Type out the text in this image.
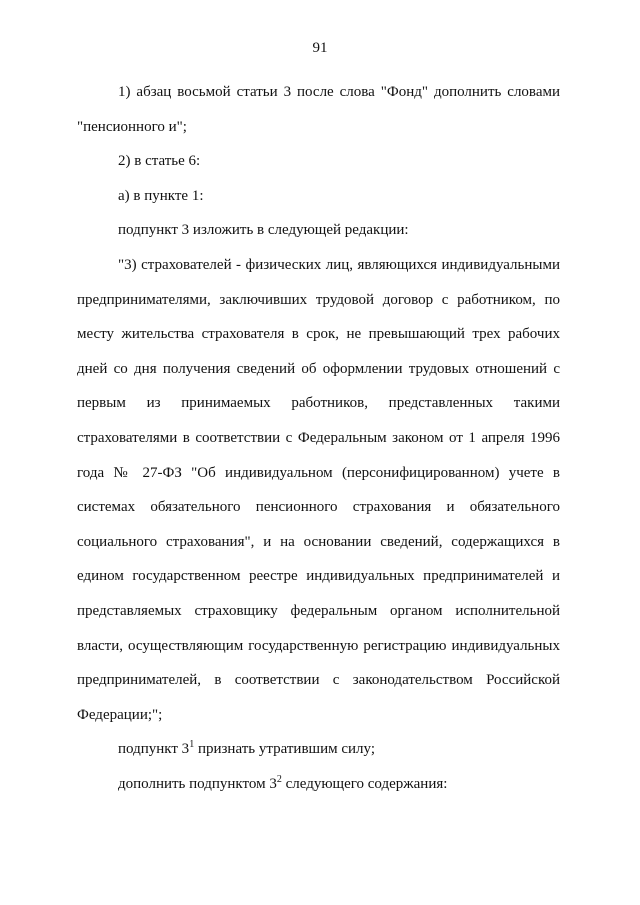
91

1) абзац восьмой статьи 3 после слова "Фонд" дополнить словами "пенсионного и";

2) в статье 6:

а) в пункте 1:

подпункт 3 изложить в следующей редакции:

"3) страхователей - физических лиц, являющихся индивидуальными предпринимателями, заключивших трудовой договор с работником, по месту жительства страхователя в срок, не превышающий трех рабочих дней со дня получения сведений об оформлении трудовых отношений с первым из принимаемых работников, представленных такими страхователями в соответствии с Федеральным законом от 1 апреля 1996 года № 27-ФЗ "Об индивидуальном (персонифицированном) учете в системах обязательного пенсионного страхования и обязательного социального страхования", и на основании сведений, содержащихся в едином государственном реестре индивидуальных предпринимателей и представляемых страховщику федеральным органом исполнительной власти, осуществляющим государственную регистрацию индивидуальных предпринимателей, в соответствии с законодательством Российской Федерации;";

подпункт $3^1$ признать утратившим силу;

дополнить подпунктом $3^2$ следующего содержания:
